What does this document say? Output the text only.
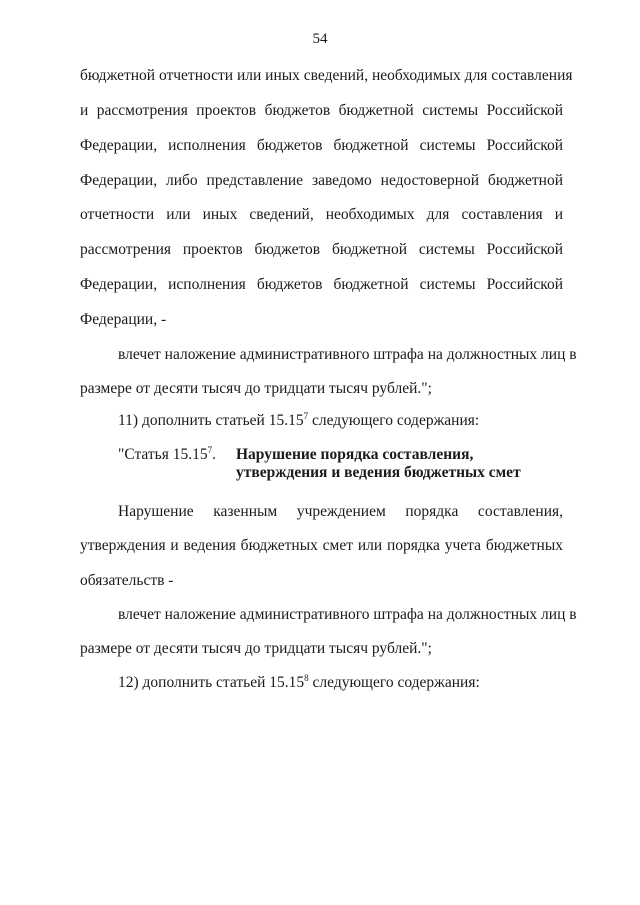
54
бюджетной отчетности или иных сведений, необходимых для составления
и рассмотрения проектов бюджетов бюджетной системы Российской
Федерации, исполнения бюджетов бюджетной системы Российской
Федерации, либо представление заведомо недостоверной бюджетной
отчетности или иных сведений, необходимых для составления и
рассмотрения проектов бюджетов бюджетной системы Российской
Федерации, исполнения бюджетов бюджетной системы Российской
Федерации, -
влечет наложение административного штрафа на должностных лиц в
размере от десяти тысяч до тридцати тысяч рублей.";
11) дополнить статьей 15.15$^7$ следующего содержания:
"Статья 15.15$^7$. Нарушение порядка составления,
утверждения и ведения бюджетных смет
Нарушение казенным учреждением порядка составления,
утверждения и ведения бюджетных смет или порядка учета бюджетных
обязательств -
влечет наложение административного штрафа на должностных лиц в
размере от десяти тысяч до тридцати тысяч рублей.";
12) дополнить статьей 15.15$^8$ следующего содержания:
